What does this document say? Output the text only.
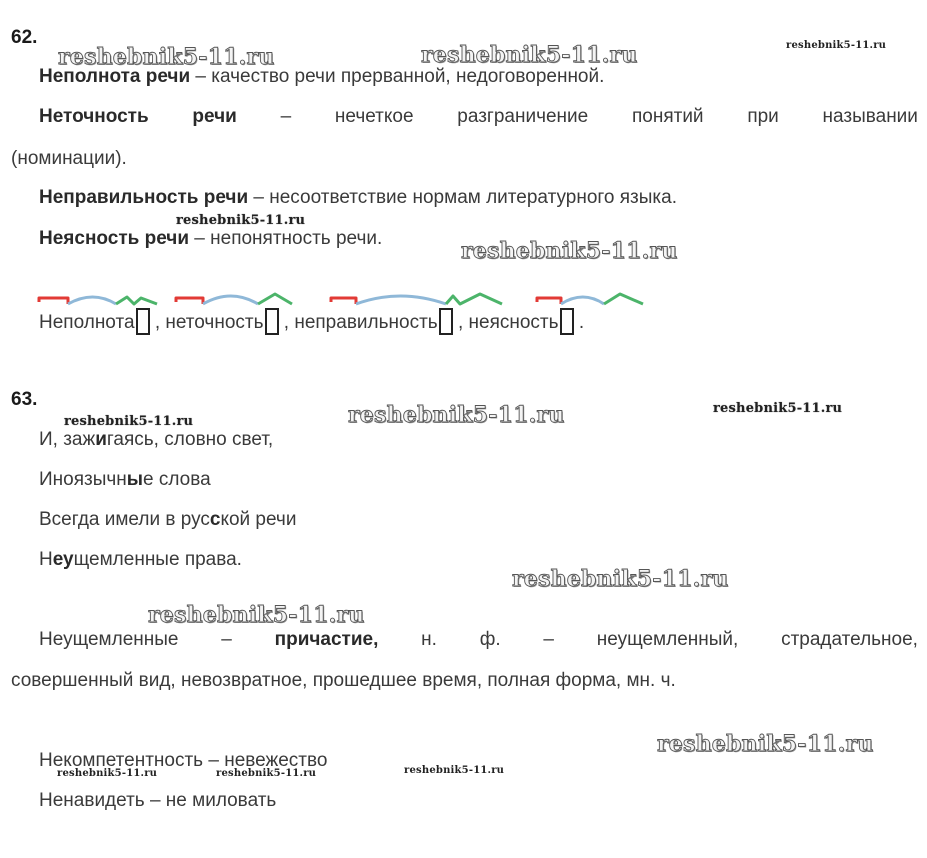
62.
Неполнота речи – качество речи прерванной, недоговоренной.
Неточность речи – нечеткое разграничение понятий при назывании
(номинации).
Неправильность речи – несоответствие нормам литературного языка.
Неясность речи – непонятность речи.
Неполнота , неточность , неправильность , неясность .
63.
И, зажигаясь, словно свет,
Иноязычные слова
Всегда имели в русской речи
Неущемленные права.
Неущемленные – причастие, н. ф. – неущемленный, страдательное,
совершенный вид, невозвратное, прошедшее время, полная форма, мн. ч.
Некомпетентность – невежество
Ненавидеть – не миловать
reshebnik5-11.ru	reshebnik5-11.ru	reshebnik5-11.ru
reshebnik5-11.ru
reshebnik5-11.ru
reshebnik5-11.ru	reshebnik5-11.ru	reshebnik5-11.ru
reshebnik5-11.ru
reshebnik5-11.ru
reshebnik5-11.ru
reshebnik5-11.ru	reshebnik5-11.ru	reshebnik5-11.ru
